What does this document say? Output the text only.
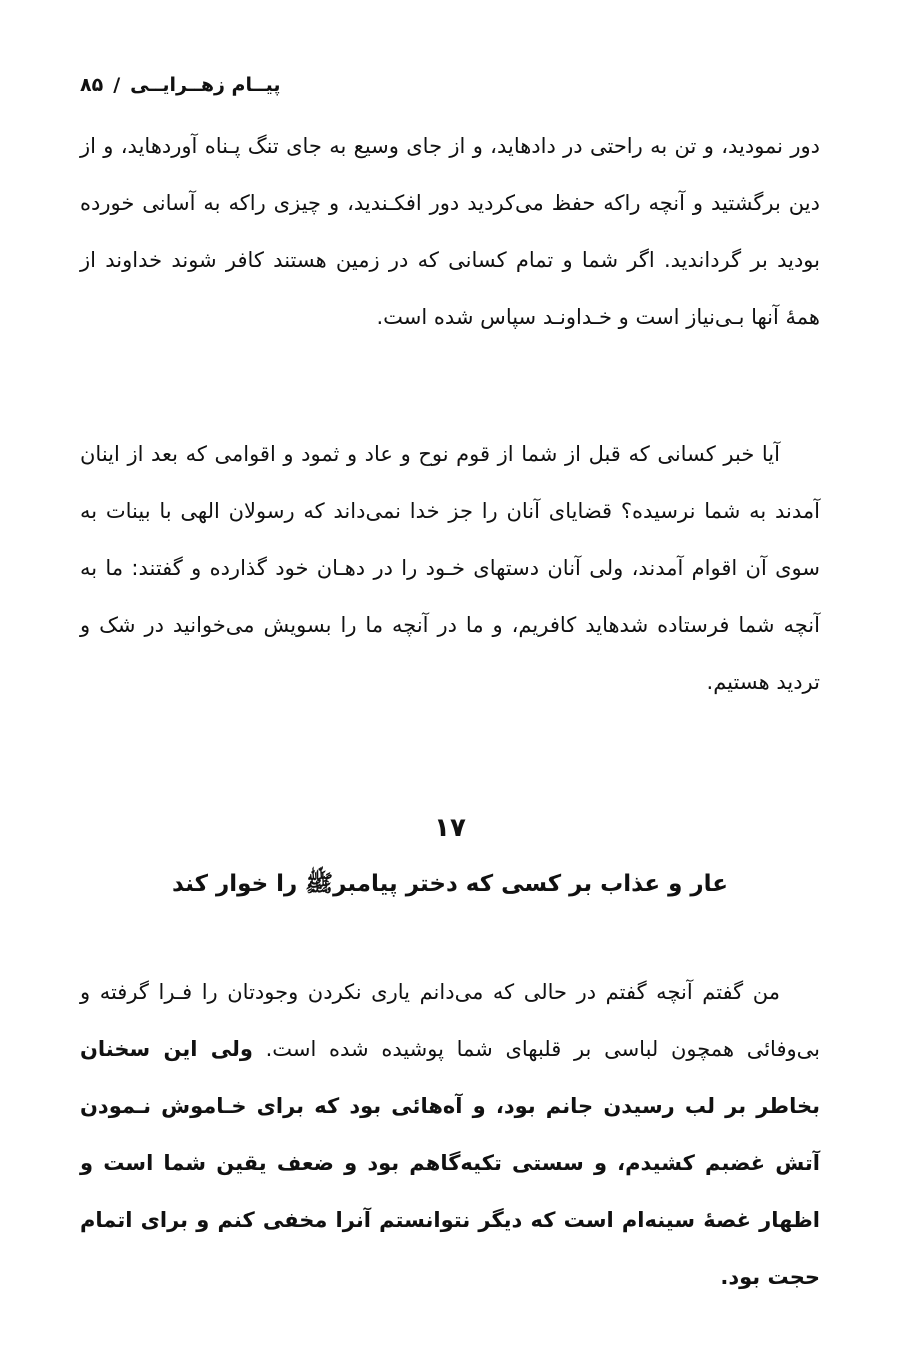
پیــام زهــرایــی/۸۵
دور نمودید، و تن به راحتی در دادهاید، و از جای وسیع به جای تنگ پـناه آوردهاید، و از دین برگشتید و آنچه راکه حفظ می‌کردید دور افکـندید، و چیزی راکه به آسانی خورده بودید بر گرداندید. اگر شما و تمام کسانی که در زمین هستند کافر شوند خداوند از همهٔ آنها بـی‌نیاز است و خـداونـد سپاس شده است.
آیا خبر کسانی که قبل از شما از قوم نوح و عاد و ثمود و اقوامی که بعد از اینان آمدند به شما نرسیده؟ قضایای آنان را جز خدا نمی‌داند که رسولان الهی با بینات به سوی آن اقوام آمدند، ولی آنان دستهای خـود را در دهـان خود گذارده و گفتند: ما به آنچه شما فرستاده شدهاید کافریم، و ما در آنچه ما را بسویش می‌خوانید در شک و تردید هستیم.
۱۷
عار و عذاب بر کسی که دختر پیامبرﷺ را خوار کند
من گفتم آنچه گفتم در حالی که می‌دانم یاری نکردن وجودتان را فـرا گرفته و بی‌وفائی همچون لباسی بر قلبهای شما پوشیده شده است. ولی این سخنان بخاطر بر لب رسیدن جانم بود، و آه‌هائی بود که برای خـاموش نـمودن آتش غضبم کشیدم، و سستی تکیه‌گاهم بود و ضعف یقین شما است و اظهار غصهٔ سینه‌ام است که دیگر نتوانستم آنرا مخفی کنم و برای اتمام حجت بود.
